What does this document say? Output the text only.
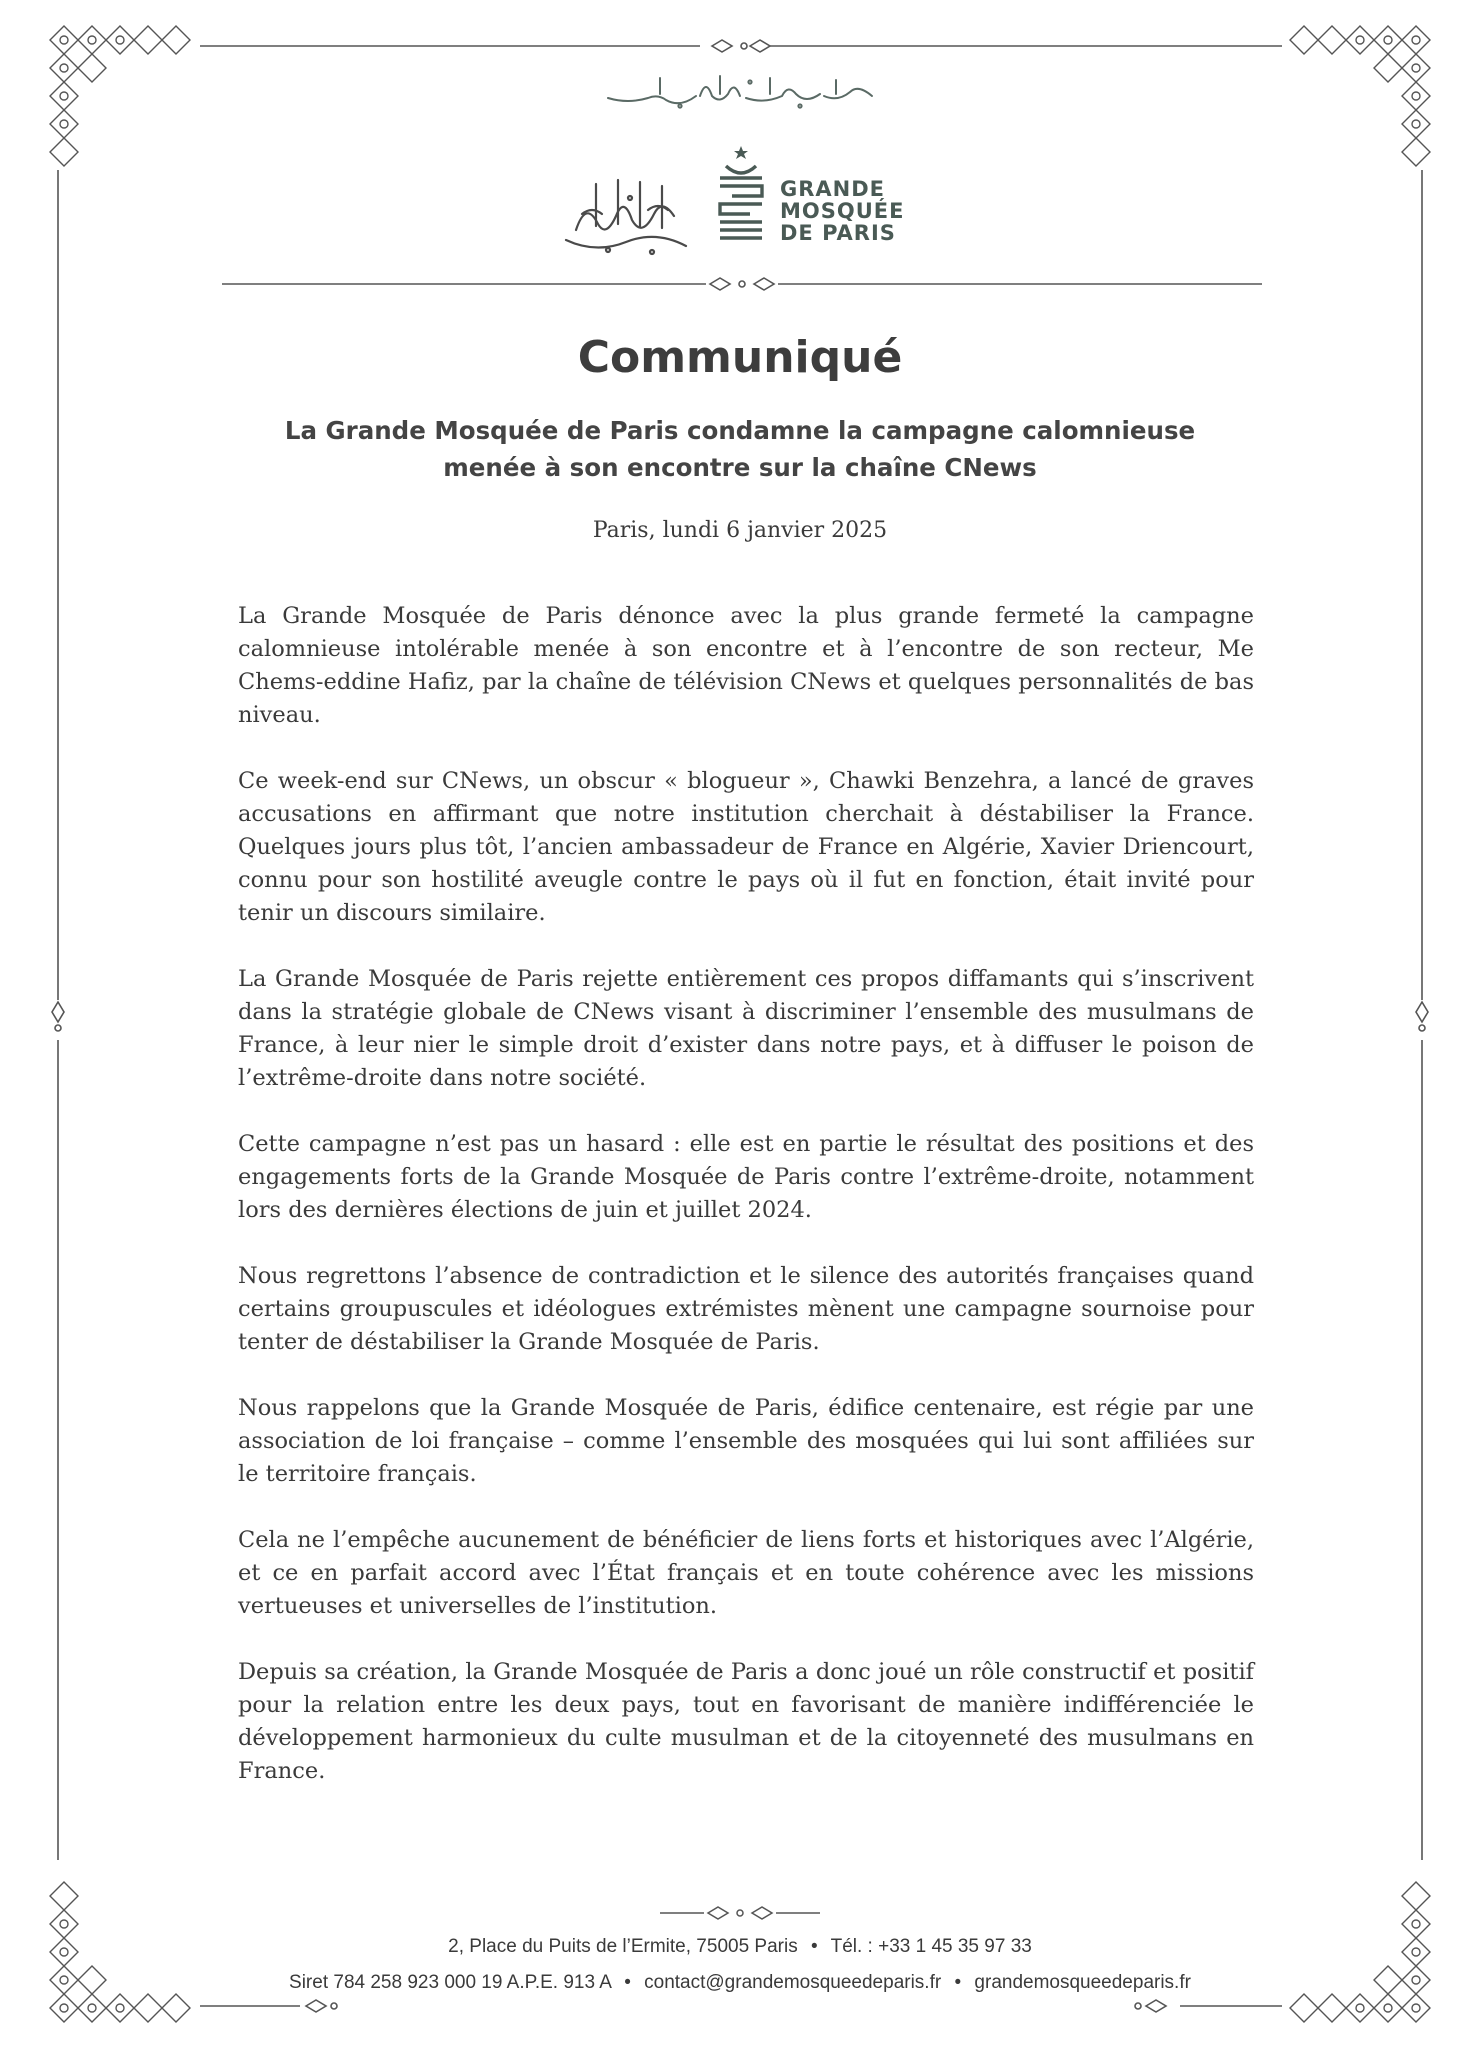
GRANDE
MOSQUÉE
DE PARIS
Communiqué
La Grande Mosquée de Paris condamne la campagne calomnieuse
menée à son encontre sur la chaîne CNews
Paris, lundi 6 janvier 2025

La Grande Mosquée de Paris dénonce avec la plus grande fermeté la campagne calomnieuse intolérable menée à son encontre et à l’encontre de son recteur, Me Chems-eddine Hafiz, par la chaîne de télévision CNews et quelques personnalités de bas niveau.

Ce week-end sur CNews, un obscur « blogueur », Chawki Benzehra, a lancé de graves accusations en affirmant que notre institution cherchait à déstabiliser la France. Quelques jours plus tôt, l’ancien ambassadeur de France en Algérie, Xavier Driencourt, connu pour son hostilité aveugle contre le pays où il fut en fonction, était invité pour tenir un discours similaire.

La Grande Mosquée de Paris rejette entièrement ces propos diffamants qui s’inscrivent dans la stratégie globale de CNews visant à discriminer l’ensemble des musulmans de France, à leur nier le simple droit d’exister dans notre pays, et à diffuser le poison de l’extrême-droite dans notre société.

Cette campagne n’est pas un hasard : elle est en partie le résultat des positions et des engagements forts de la Grande Mosquée de Paris contre l’extrême-droite, notamment lors des dernières élections de juin et juillet 2024.

Nous regrettons l’absence de contradiction et le silence des autorités françaises quand certains groupuscules et idéologues extrémistes mènent une campagne sournoise pour tenter de déstabiliser la Grande Mosquée de Paris.

Nous rappelons que la Grande Mosquée de Paris, édifice centenaire, est régie par une association de loi française – comme l’ensemble des mosquées qui lui sont affiliées sur le territoire français.

Cela ne l’empêche aucunement de bénéficier de liens forts et historiques avec l’Algérie, et ce en parfait accord avec l’État français et en toute cohérence avec les missions vertueuses et universelles de l’institution.

Depuis sa création, la Grande Mosquée de Paris a donc joué un rôle constructif et positif pour la relation entre les deux pays, tout en favorisant de manière indifférenciée le développement harmonieux du culte musulman et de la citoyenneté des musulmans en France.

2, Place du Puits de l’Ermite, 75005 Paris • Tél. : +33 1 45 35 97 33
Siret 784 258 923 000 19 A.P.E. 913 A • contact@grandemosqueedeparis.fr • grandemosqueedeparis.fr
